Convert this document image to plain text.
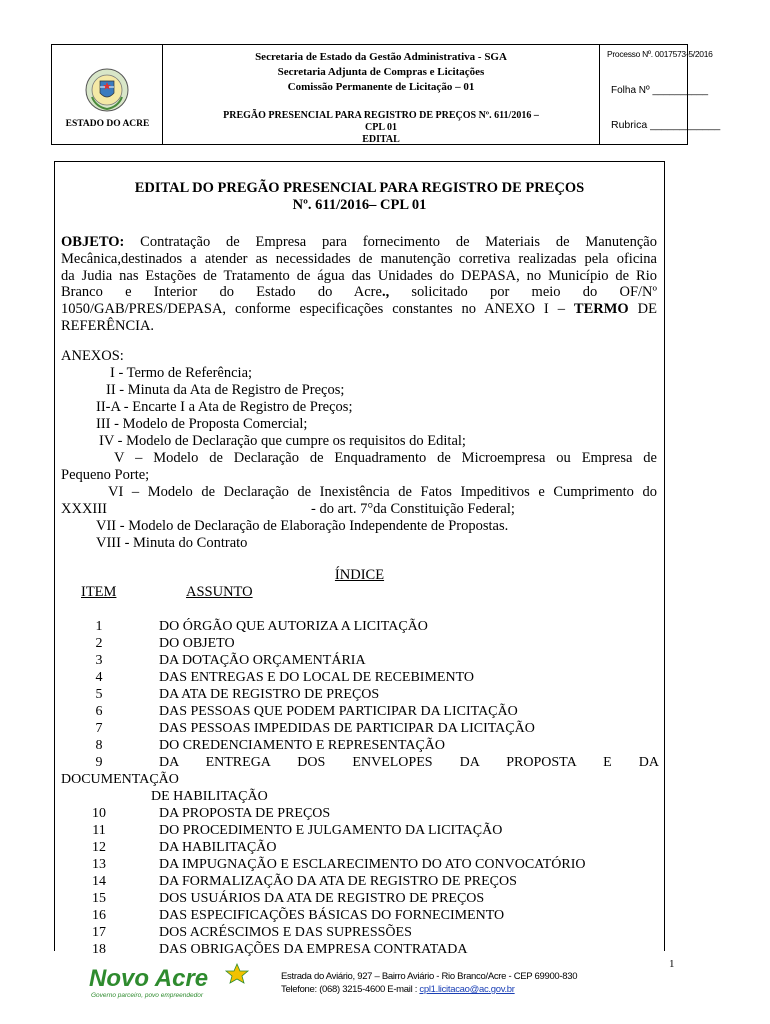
ESTADO DO ACRE
Secretaria de Estado da Gestão Administrativa - SGA
Secretaria Adjunta de Compras e Licitações
Comissão Permanente de Licitação – 01
PREGÃO PRESENCIAL PARA REGISTRO DE PREÇOS Nº. 611/2016 –
CPL 01
EDITAL
Processo Nº. 0017573-5/2016
Folha Nº __________
Rubrica ____________
EDITAL DO PREGÃO PRESENCIAL PARA REGISTRO DE PREÇOS
Nº. 611/2016– CPL 01
OBJETO: Contratação de Empresa para fornecimento de Materiais de Manutenção
Mecânica,destinados a atender as necessidades de manutenção corretiva realizadas pela oficina
da Judia nas Estações de Tratamento de água das Unidades do DEPASA, no Município de Rio
Branco e Interior do Estado do Acre., solicitado por meio do OF/Nº
1050/GAB/PRES/DEPASA, conforme especificações constantes no ANEXO I – TERMO DE
REFERÊNCIA.
ANEXOS:
I - Termo de Referência;
II - Minuta da Ata de Registro de Preços;
II-A - Encarte I a Ata de Registro de Preços;
III - Modelo de Proposta Comercial;
IV - Modelo de Declaração que cumpre os requisitos do Edital;
V – Modelo de Declaração de Enquadramento de Microempresa ou Empresa de
Pequeno Porte;
VI – Modelo de Declaração de Inexistência de Fatos Impeditivos e Cumprimento do
XXXIII	- do art. 7°da Constituição Federal;
VII - Modelo de Declaração de Elaboração Independente de Propostas.
VIII - Minuta do Contrato
ÍNDICE
ITEM	ASSUNTO
1	DO ÓRGÃO QUE AUTORIZA A LICITAÇÃO
2	DO OBJETO
3	DA DOTAÇÃO ORÇAMENTÁRIA
4	DAS ENTREGAS E DO LOCAL DE RECEBIMENTO
5	DA ATA DE REGISTRO DE PREÇOS
6	DAS PESSOAS QUE PODEM PARTICIPAR DA LICITAÇÃO
7	DAS PESSOAS IMPEDIDAS DE PARTICIPAR DA LICITAÇÃO
8	DO CREDENCIAMENTO E REPRESENTAÇÃO
10	DA PROPOSTA DE PREÇOS
11	DO PROCEDIMENTO E JULGAMENTO DA LICITAÇÃO
12	DA HABILITAÇÃO
13	DA IMPUGNAÇÃO E ESCLARECIMENTO DO ATO CONVOCATÓRIO
14	DA FORMALIZAÇÃO DA ATA DE REGISTRO DE PREÇOS
15	DOS USUÁRIOS DA ATA DE REGISTRO DE PREÇOS
16	DAS ESPECIFICAÇÕES BÁSICAS DO FORNECIMENTO
17	DOS ACRÉSCIMOS E DAS SUPRESSÕES
18	DAS OBRIGAÇÕES DA EMPRESA CONTRATADA
9	DA ENTREGA DOS ENVELOPES DA PROPOSTA E DA
DOCUMENTAÇÃO
DE HABILITAÇÃO
1
Novo Acre
Governo parceiro, povo empreendedor
Estrada do Aviário, 927 – Bairro Aviário - Rio Branco/Acre - CEP 69900-830
Telefone: (068) 3215-4600 E-mail : cpl1.licitacao@ac.gov.br
